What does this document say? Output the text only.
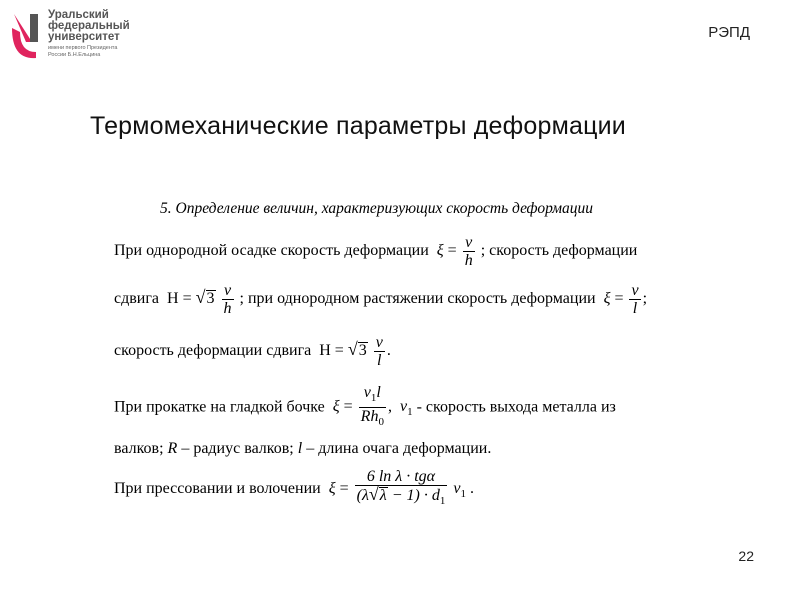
Уральский
федеральный
университет
имени первого Президента
России Б.Н.Ельцина
РЭПД
Термомеханические параметры деформации
5. Определение величин, характеризующих скорость деформации
При однородной осадке скорость деформации $\xi = \frac{v}{h}$ ; скорость деформации
сдвига  $H = √3 \frac{v}{h}$ ; при однородном растяжении скорость деформации $\xi = \frac{v}{l}$ ;
скорость деформации сдвига  $H = √3 \frac{v}{l}$ .
При прокатке на гладкой бочке $\xi = \frac{v_1l}{Rh_0}$ ,  $v_1$ - скорость выхода металла из
валков; R – радиус валков; l – длина очага деформации.
При прессовании и волочении $\xi = \frac{\text{6 ln λ · tgα}}{(\lambda√\lambda - 1) \cdot d_1} v_1$ .
22
